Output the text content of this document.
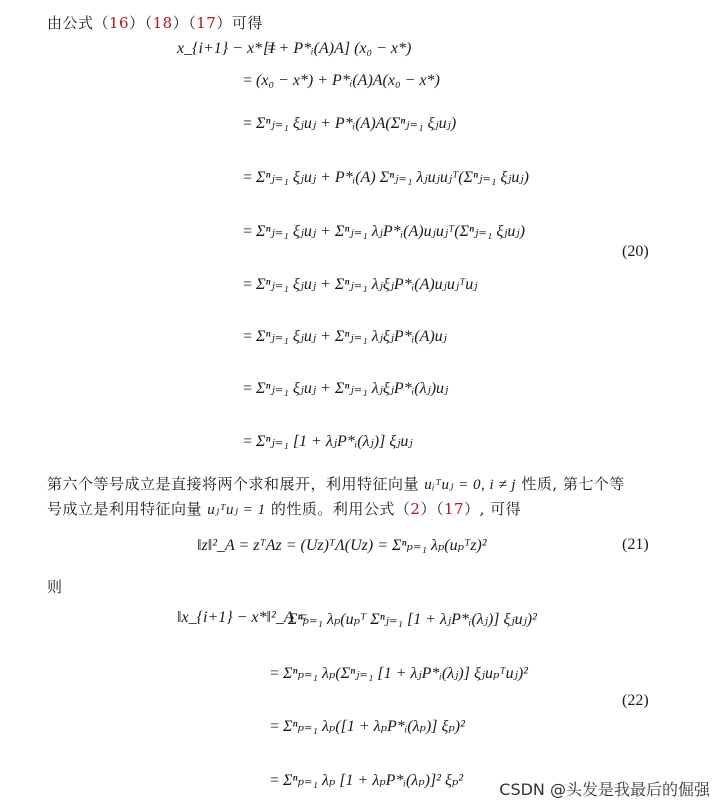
由公式（16）（18）（17）可得
x_{i+1} − x* =
[I + P*ᵢ(A)A] (x₀ − x*)
= (x₀ − x*) + P*ᵢ(A)A(x₀ − x*)
= Σⁿⱼ₌₁ ξⱼuⱼ + P*ᵢ(A)A(Σⁿⱼ₌₁ ξⱼuⱼ)
= Σⁿⱼ₌₁ ξⱼuⱼ + P*ᵢ(A) Σⁿⱼ₌₁ λⱼuⱼuⱼᵀ(Σⁿⱼ₌₁ ξⱼuⱼ)
= Σⁿⱼ₌₁ ξⱼuⱼ + Σⁿⱼ₌₁ λⱼP*ᵢ(A)uⱼuⱼᵀ(Σⁿⱼ₌₁ ξⱼuⱼ)
= Σⁿⱼ₌₁ ξⱼuⱼ + Σⁿⱼ₌₁ λⱼξⱼP*ᵢ(A)uⱼuⱼᵀuⱼ
= Σⁿⱼ₌₁ ξⱼuⱼ + Σⁿⱼ₌₁ λⱼξⱼP*ᵢ(A)uⱼ
= Σⁿⱼ₌₁ ξⱼuⱼ + Σⁿⱼ₌₁ λⱼξⱼP*ᵢ(λⱼ)uⱼ
= Σⁿⱼ₌₁ [1 + λⱼP*ᵢ(λⱼ)] ξⱼuⱼ
(20)
第六个等号成立是直接将两个求和展开，利用特征向量 uᵢᵀuⱼ = 0, i ≠ j 性质, 第七个等
号成立是利用特征向量 uⱼᵀuⱼ = 1 的性质。利用公式（2）（17）, 可得
‖z‖²_A = zᵀAz = (Uz)ᵀΛ(Uz) = Σⁿₚ₌₁ λₚ(uₚᵀz)²	(21)
则
‖x_{i+1} − x*‖²_A =
Σⁿₚ₌₁ λₚ(uₚᵀ Σⁿⱼ₌₁ [1 + λⱼP*ᵢ(λⱼ)] ξⱼuⱼ)²
= Σⁿₚ₌₁ λₚ(Σⁿⱼ₌₁ [1 + λⱼP*ᵢ(λⱼ)] ξⱼuₚᵀuⱼ)²
= Σⁿₚ₌₁ λₚ([1 + λₚP*ᵢ(λₚ)] ξₚ)²
= Σⁿₚ₌₁ λₚ [1 + λₚP*ᵢ(λₚ)]² ξₚ²
(22)
CSDN @头发是我最后的倔强
